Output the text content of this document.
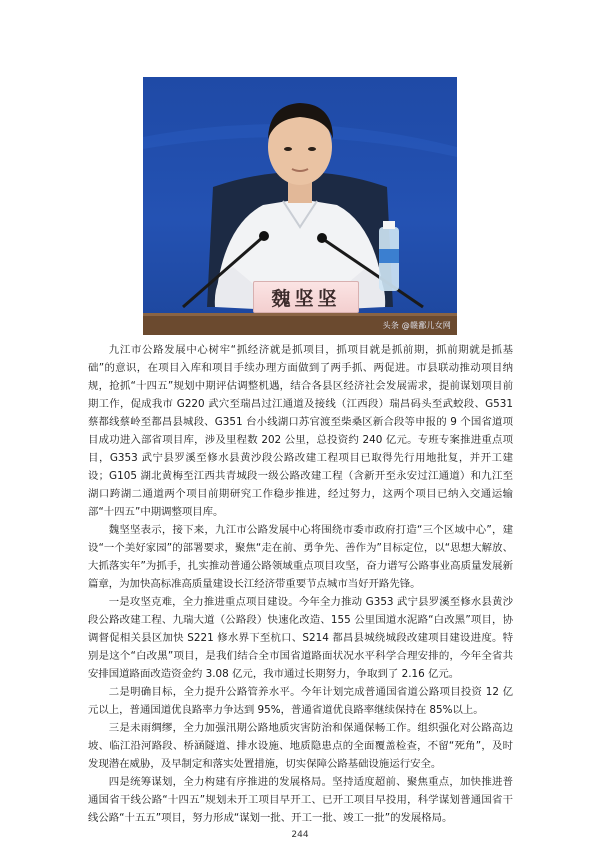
魏坚坚
头条 @赣鄱儿女网

九江市公路发展中心树牢“抓经济就是抓项目，抓项目就是抓前期，抓前期就是抓基础”的意识，在项目入库和项目手续办理方面做到了两手抓、两促进。市县联动推动项目纳规，抢抓“十四五”规划中期评估调整机遇，结合各县区经济社会发展需求，提前谋划项目前期工作，促成我市 G220 武穴至瑞昌过江通道及接线（江西段）瑞昌码头至武蛟段、G531 蔡都线蔡岭至都昌县城段、G351 台小线湖口苏官渡至柴桑区新合段等申报的 9 个国省道项目成功进入部省项目库，涉及里程数 202 公里，总投资约 240 亿元。专班专案推进重点项目，G353 武宁县罗溪至修水县黄沙段公路改建工程项目已取得先行用地批复，并开工建设；G105 湖北黄梅至江西共青城段一级公路改建工程（含新开至永安过江通道）和九江至湖口跨湖二通道两个项目前期研究工作稳步推进，经过努力，这两个项目已纳入交通运输部“十四五”中期调整项目库。

魏坚坚表示，接下来，九江市公路发展中心将围绕市委市政府打造“三个区域中心”，建设“一个美好家园”的部署要求，聚焦“走在前、勇争先、善作为”目标定位，以“思想大解放、大抓落实年”为抓手，扎实推动普通公路领域重点项目攻坚，奋力谱写公路事业高质量发展新篇章，为加快高标准高质量建设长江经济带重要节点城市当好开路先锋。

一是攻坚克难，全力推进重点项目建设。今年全力推动 G353 武宁县罗溪至修水县黄沙段公路改建工程、九瑞大道（公路段）快速化改造、155 公里国道水泥路“白改黑”项目，协调督促相关县区加快 S221 修水界下至杭口、S214 都昌县城绕城段改建项目建设进度。特别是这个“白改黑”项目，是我们结合全市国省道路面状况水平科学合理安排的，今年全省共安排国道路面改造资金约 3.08 亿元，我市通过长期努力，争取到了 2.16 亿元。

二是明确目标，全力提升公路管养水平。今年计划完成普通国省道公路项目投资 12 亿元以上，普通国道优良路率力争达到 95%，普通省道优良路率继续保持在 85%以上。

三是未雨绸缪，全力加强汛期公路地质灾害防治和保通保畅工作。组织强化对公路高边坡、临江沿河路段、桥涵隧道、排水设施、地质隐患点的全面覆盖检查，不留“死角”，及时发现潜在威胁，及早制定和落实处置措施，切实保障公路基础设施运行安全。

四是统筹谋划，全力构建有序推进的发展格局。坚持适度超前、聚焦重点，加快推进普通国省干线公路“十四五”规划未开工项目早开工、已开工项目早投用，科学谋划普通国省干线公路“十五五”项目，努力形成“谋划一批、开工一批、竣工一批”的发展格局。

244
